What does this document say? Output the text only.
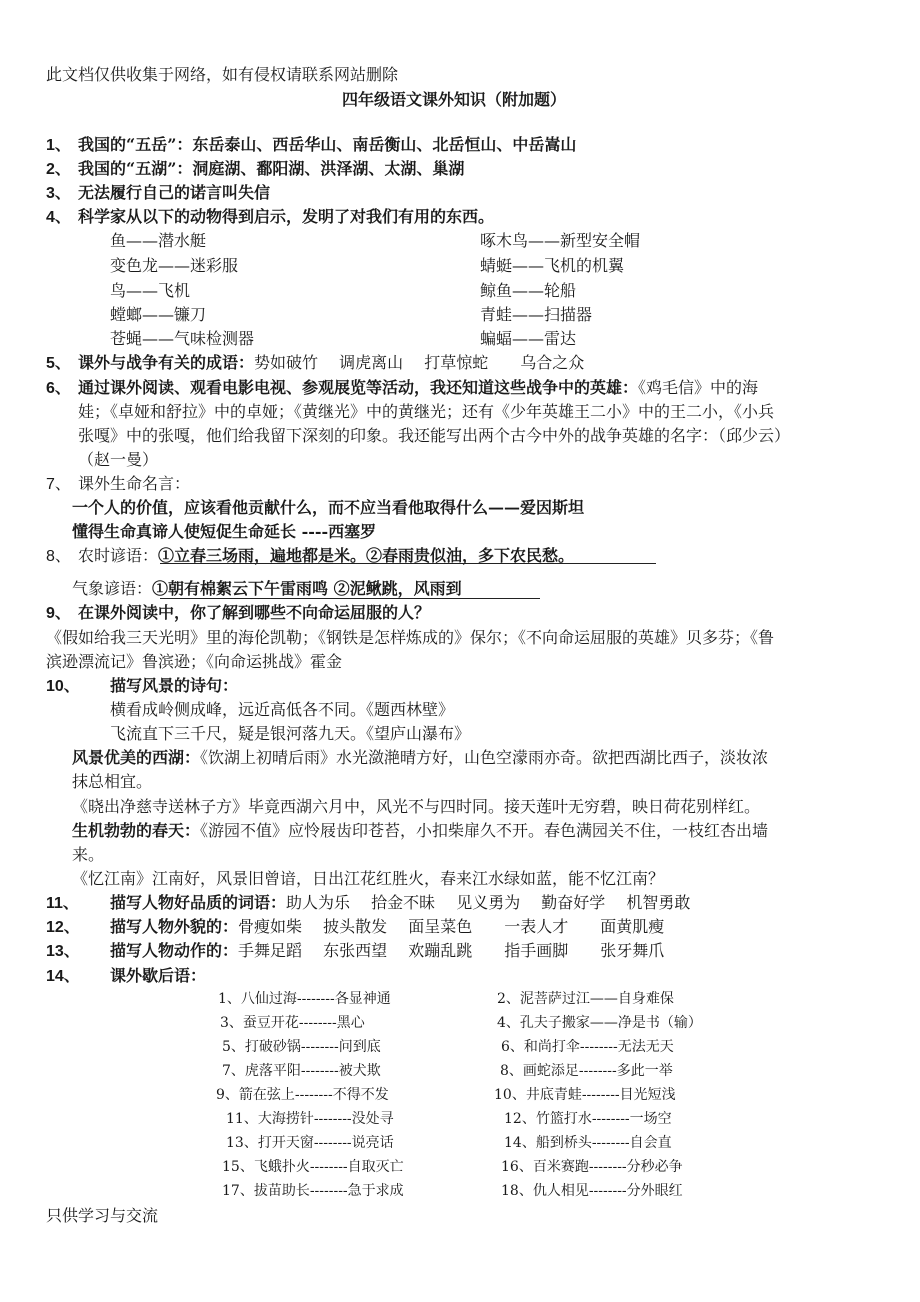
此文档仅供收集于网络，如有侵权请联系网站删除
四年级语文课外知识（附加题）
1、 我国的“五岳”：东岳泰山、西岳华山、南岳衡山、北岳恒山、中岳嵩山
2、 我国的“五湖”：洞庭湖、鄱阳湖、洪泽湖、太湖、巢湖
3、 无法履行自己的诺言叫失信
4、 科学家从以下的动物得到启示，发明了对我们有用的东西。
鱼——潜水艇	啄木鸟——新型安全帽
变色龙——迷彩服	蜻蜓——飞机的机翼
鸟——飞机	鲸鱼——轮船
螳螂——镰刀	青蛙——扫描器
苍蝇——气味检测器	蝙蝠——雷达
5、 课外与战争有关的成语：势如破竹　 调虎离山　 打草惊蛇　　乌合之众
6、 通过课外阅读、观看电影电视、参观展览等活动，我还知道这些战争中的英雄：《鸡毛信》中的海
娃；《卓娅和舒拉》中的卓娅；《黄继光》中的黄继光；还有《少年英雄王二小》中的王二小，《小兵
张嘎》中的张嘎，他们给我留下深刻的印象。我还能写出两个古今中外的战争英雄的名字：（邱少云）
（赵一曼）
7、 课外生命名言：
一个人的价值，应该看他贡献什么，而不应当看他取得什么——爱因斯坦
懂得生命真谛人使短促生命延长 ----西塞罗
8、 农时谚语：①立春三场雨，遍地都是米。②春雨贵似油，多下农民愁。
气象谚语：①朝有棉絮云下午雷雨鸣 ②泥鳅跳，风雨到
9、 在课外阅读中，你了解到哪些不向命运屈服的人？
《假如给我三天光明》里的海伦凯勒；《钢铁是怎样炼成的》保尔；《不向命运屈服的英雄》贝多芬；《鲁
滨逊漂流记》鲁滨逊；《向命运挑战》霍金
10、 描写风景的诗句：
横看成岭侧成峰，远近高低各不同。《题西林壁》
飞流直下三千尺，疑是银河落九天。《望庐山瀑布》
风景优美的西湖：《饮湖上初晴后雨》水光潋滟晴方好，山色空濛雨亦奇。欲把西湖比西子，淡妆浓
抹总相宜。
《晓出净慈寺送林子方》毕竟西湖六月中，风光不与四时同。接天莲叶无穷碧，映日荷花别样红。
生机勃勃的春天：《游园不值》应怜屐齿印苍苔，小扣柴扉久不开。春色满园关不住，一枝红杏出墙
来。
《忆江南》江南好，风景旧曾谙，日出江花红胜火，春来江水绿如蓝，能不忆江南？
11、 描写人物好品质的词语：助人为乐　 拾金不昧　 见义勇为　 勤奋好学　 机智勇敢
12、 描写人物外貌的：骨瘦如柴　 披头散发　 面呈菜色　　一表人才　　面黄肌瘦
13、 描写人物动作的：手舞足蹈　 东张西望　 欢蹦乱跳　　指手画脚　　张牙舞爪
14、 课外歇后语：
1、八仙过海--------各显神通	2、泥菩萨过江——自身难保
3、蚕豆开花--------黑心	4、孔夫子搬家——净是书（输）
5、打破砂锅--------问到底	6、和尚打伞--------无法无天
7、虎落平阳--------被犬欺	8、画蛇添足--------多此一举
9、箭在弦上--------不得不发	10、井底青蛙--------目光短浅
11、大海捞针--------没处寻	12、竹篮打水--------一场空
13、打开天窗--------说亮话	14、船到桥头--------自会直
15、飞蛾扑火--------自取灭亡	16、百米赛跑--------分秒必争
17、拔苗助长--------急于求成	18、仇人相见--------分外眼红
只供学习与交流
